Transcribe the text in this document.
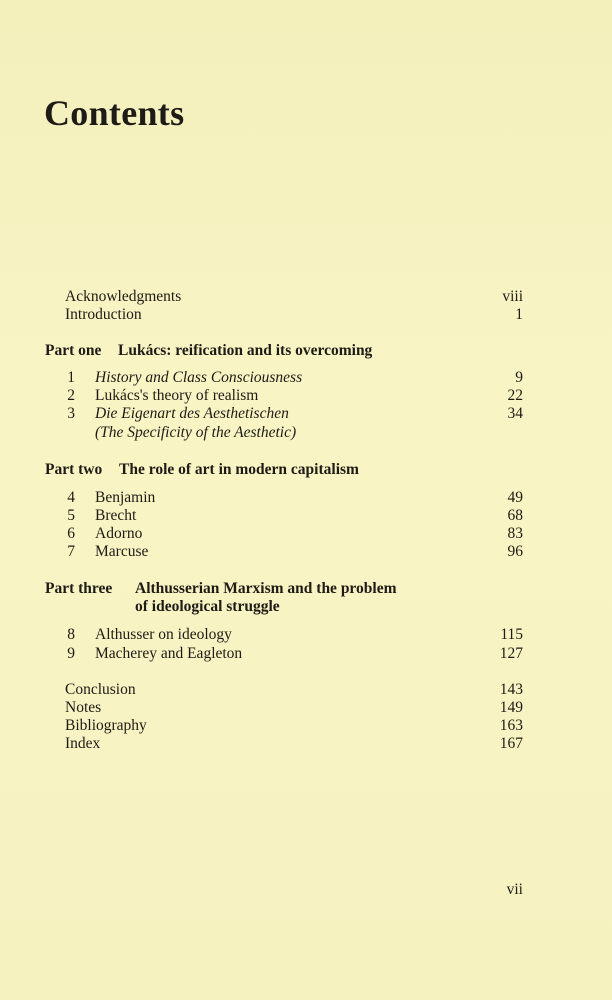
Contents
Acknowledgments	viii
Introduction	1
Part one Lukács: reification and its overcoming
1 History and Class Consciousness	9
2 Lukács's theory of realism	22
3 Die Eigenart des Aesthetischen	34
(The Specificity of the Aesthetic)
Part two The role of art in modern capitalism
4 Benjamin	49
5 Brecht	68
6 Adorno	83
7 Marcuse	96
Part three Althusserian Marxism and the problem
of ideological struggle
8 Althusser on ideology	115
9 Macherey and Eagleton	127
Conclusion	143
Notes	149
Bibliography	163
Index	167
vii
